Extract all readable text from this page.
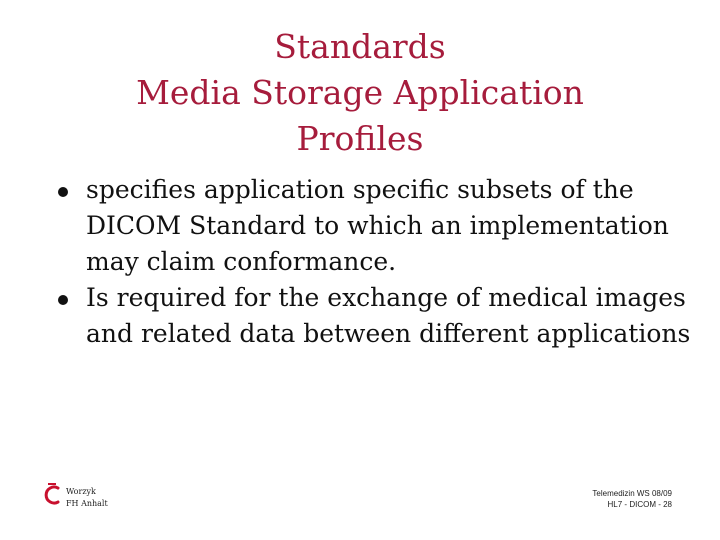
Standards
Media Storage Application
Profiles
specifies application specific subsets of the DICOM Standard to which an implementation may claim conformance.
Is required for the exchange of medical images and related data between different applications
Worzyk
FH Anhalt
Telemedizin WS 08/09
HL7 - DICOM - 28
